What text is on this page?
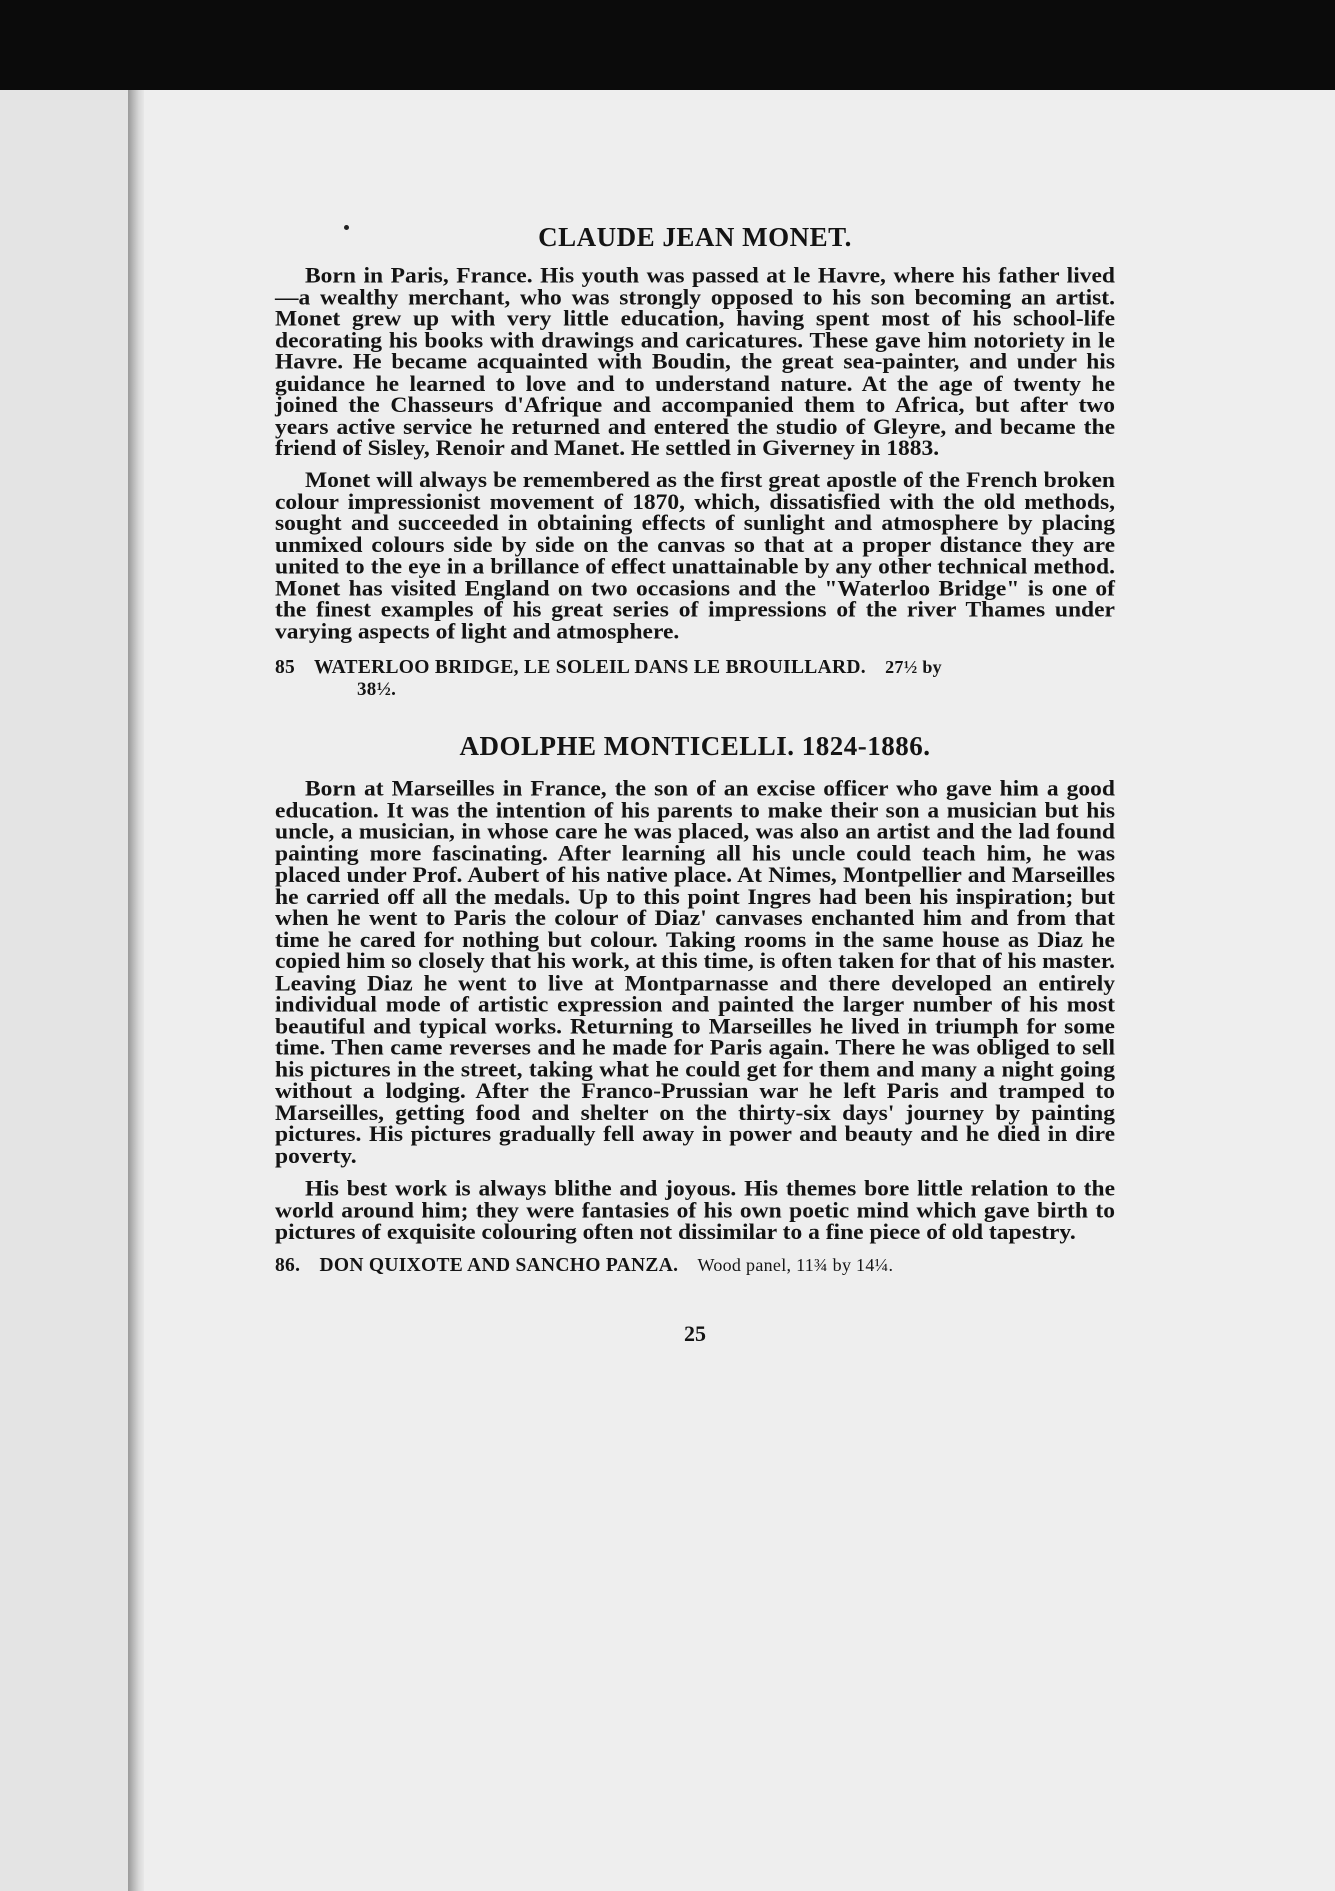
CLAUDE JEAN MONET.

Born in Paris, France. His youth was passed at le Havre, where his father lived—a wealthy merchant, who was strongly opposed to his son becoming an artist. Monet grew up with very little education, having spent most of his school-life decorating his books with drawings and caricatures. These gave him notoriety in le Havre. He became acquainted with Boudin, the great sea-painter, and under his guidance he learned to love and to understand nature. At the age of twenty he joined the Chasseurs d'Afrique and accompanied them to Africa, but after two years active service he returned and entered the studio of Gleyre, and became the friend of Sisley, Renoir and Manet. He settled in Giverney in 1883.

Monet will always be remembered as the first great apostle of the French broken colour impressionist movement of 1870, which, dissatisfied with the old methods, sought and succeeded in obtaining effects of sunlight and atmosphere by placing unmixed colours side by side on the canvas so that at a proper distance they are united to the eye in a brillance of effect unattainable by any other technical method. Monet has visited England on two occasions and the "Waterloo Bridge" is one of the finest examples of his great series of impressions of the river Thames under varying aspects of light and atmosphere.

85 WATERLOO BRIDGE, LE SOLEIL DANS LE BROUILLARD. 27½ by
38½.
ADOLPHE MONTICELLI. 1824-1886.

Born at Marseilles in France, the son of an excise officer who gave him a good education. It was the intention of his parents to make their son a musician but his uncle, a musician, in whose care he was placed, was also an artist and the lad found painting more fascinating. After learning all his uncle could teach him, he was placed under Prof. Aubert of his native place. At Nimes, Montpellier and Marseilles he carried off all the medals. Up to this point Ingres had been his inspiration; but when he went to Paris the colour of Diaz' canvases enchanted him and from that time he cared for nothing but colour. Taking rooms in the same house as Diaz he copied him so closely that his work, at this time, is often taken for that of his master. Leaving Diaz he went to live at Montparnasse and there developed an entirely individual mode of artistic expression and painted the larger number of his most beautiful and typical works. Returning to Marseilles he lived in triumph for some time. Then came reverses and he made for Paris again. There he was obliged to sell his pictures in the street, taking what he could get for them and many a night going without a lodging. After the Franco-Prussian war he left Paris and tramped to Marseilles, getting food and shelter on the thirty-six days' journey by painting pictures. His pictures gradually fell away in power and beauty and he died in dire poverty.

His best work is always blithe and joyous. His themes bore little relation to the world around him; they were fantasies of his own poetic mind which gave birth to pictures of exquisite colouring often not dissimilar to a fine piece of old tapestry.

86. DON QUIXOTE AND SANCHO PANZA. Wood panel, 11¾ by 14¼.
25
